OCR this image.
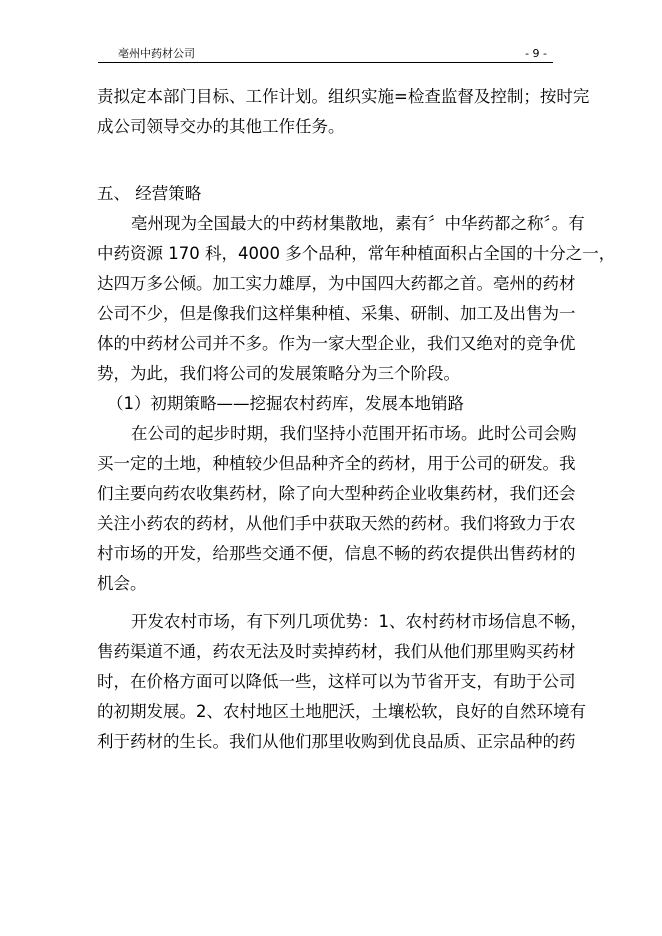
亳州中药材公司	- 9 -
责拟定本部门目标、工作计划。组织实施=检查监督及控制；按时完
成公司领导交办的其他工作任务。
五、 经营策略
亳州现为全国最大的中药材集散地，素有〞中华药都之称〞。有
中药资源 170 科，4000 多个品种，常年种植面积占全国的十分之一，
达四万多公倾。加工实力雄厚，为中国四大药都之首。亳州的药材
公司不少，但是像我们这样集种植、采集、研制、加工及出售为一
体的中药材公司并不多。作为一家大型企业，我们又绝对的竞争优
势，为此，我们将公司的发展策略分为三个阶段。
（1）初期策略——挖掘农村药库，发展本地销路
在公司的起步时期，我们坚持小范围开拓市场。此时公司会购
买一定的土地，种植较少但品种齐全的药材，用于公司的研发。我
们主要向药农收集药材，除了向大型种药企业收集药材，我们还会
关注小药农的药材，从他们手中获取天然的药材。我们将致力于农
村市场的开发，给那些交通不便，信息不畅的药农提供出售药材的
机会。
开发农村市场，有下列几项优势：1、农村药材市场信息不畅，
售药渠道不通，药农无法及时卖掉药材，我们从他们那里购买药材
时，在价格方面可以降低一些，这样可以为节省开支，有助于公司
的初期发展。2、农村地区土地肥沃，土壤松软，良好的自然环境有
利于药材的生长。我们从他们那里收购到优良品质、正宗品种的药
